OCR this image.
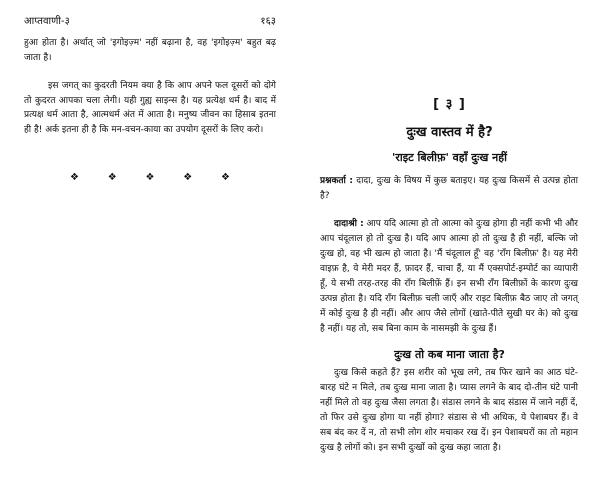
आप्तवाणी-३	१६३

हुआ होता है। अर्थात् जो 'इगोइज़्म' नहीं बढ़ाना है, वह 'इगोइज़्म' बहुत बढ़ जाता है।

इस जगत् का कुदरती नियम क्या है कि आप अपने फल दूसरों को दोगे तो कुदरत आपका चला लेगी। यही गुह्य साइन्स है। यह प्रत्येक्ष धर्म है। बाद में प्रत्यक्ष धर्म आता है, आत्मधर्म अंत में आता है। मनुष्य जीवन का हिसाब इतना ही है! अर्क इतना ही है कि मन-वचन-काया का उपयोग दूसरों के लिए करो।

❖	❖	❖	❖	❖
[ ३ ]
दुःख वास्तव में है?
'राइट बिलीफ़' वहाँ दुःख नहीं

प्रश्नकर्ता : दादा, दुःख के विषय में कुछ बताइए। यह दुःख किसमें से उत्पन्न होता है?

दादाश्री : आप यदि आत्मा हो तो आत्मा को दुःख होगा ही नहीं कभी भी और आप चंदूलाल हो तो दुःख है। यदि आप आत्मा हो तो दुःख है ही नहीं, बल्कि जो दुःख हो, वह भी खत्म हो जाता है। 'मैं चंदूलाल हूँ' वह 'रॉंग बिलीफ़' है। यह मेरी वाइफ़ है, ये मेरी मदर हैं, फ़ादर हैं, चाचा हैं, या मैं एक्सपोर्ट-इम्पोर्ट का व्यापारी हूँ, ये सभी तरह-तरह की रॉंग बिलीफ़ें हैं। इन सभी रॉंग बिलीफ़ों के कारण दुःख उत्पन्न होता है। यदि रॉंग बिलीफ़ चली जाएँ और राइट बिलीफ़ बैठ जाए तो जगत् में कोई दुःख है ही नहीं। और आप जैसे लोगों (खाते-पीते सुखी घर के) को दुःख है नहीं। यह तो, सब बिना काम के नासमझी के दुःख हैं।

दुःख तो कब माना जाता है?

दुःख किसे कहते हैं? इस शरीर को भूख लगे, तब फिर खाने का आठ घंटे-बारह घंटे न मिले, तब दुःख माना जाता है। प्यास लगने के बाद दो-तीन घंटे पानी नहीं मिले तो वह दुःख जैसा लगता है। संडास लगने के बाद संडास में जाने नहीं दें, तो फिर उसे दुःख होगा या नहीं होगा? संडास से भी अधिक, ये पेशाबघर हैं। वे सब बंद कर दें न, तो सभी लोग शोर मचाकर रख दें। इन पेशाबघरों का तो महान दुःख है लोगों को। इन सभी दुःखों को दुःख कहा जाता है।
